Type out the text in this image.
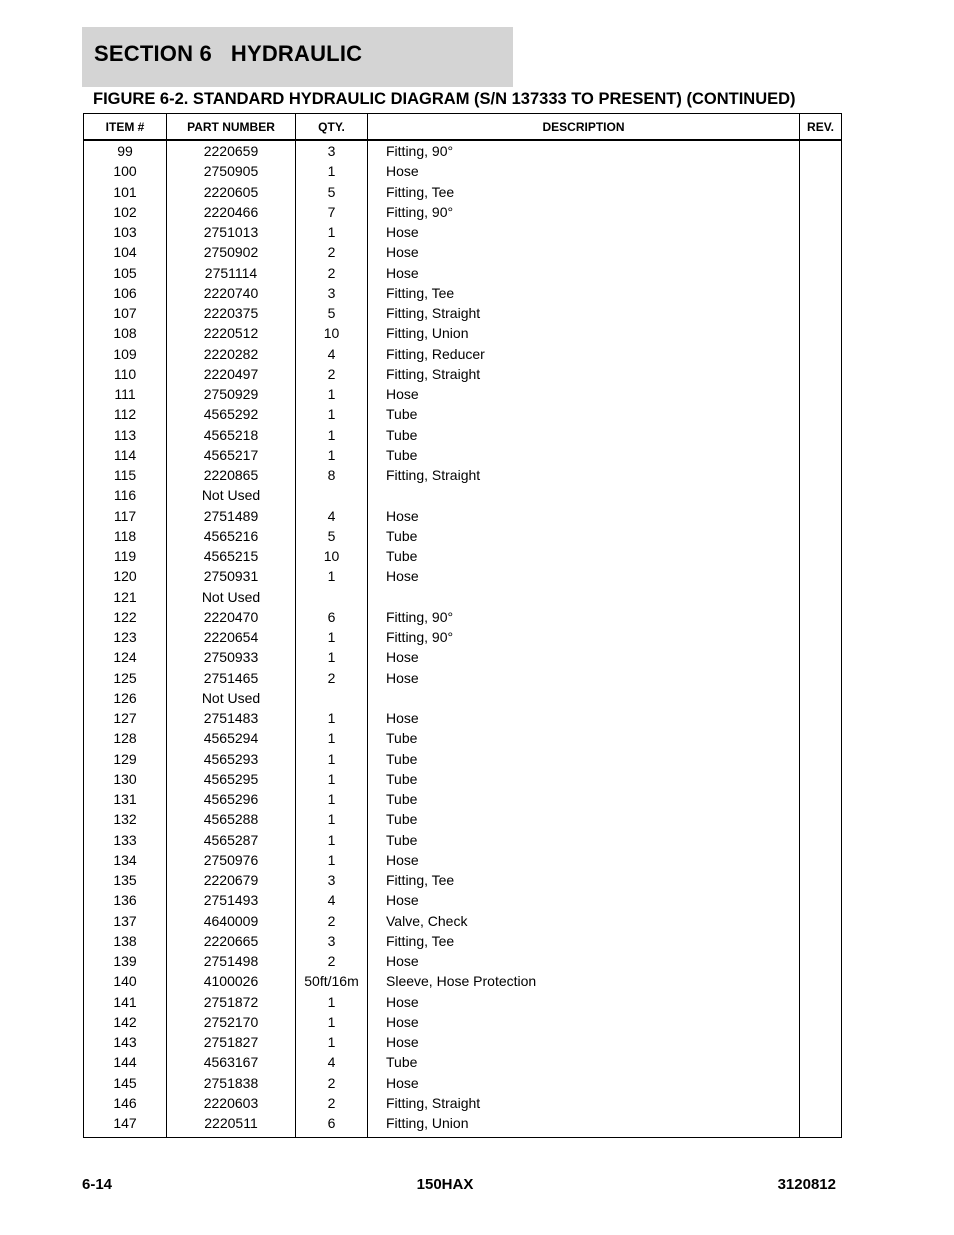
SECTION 6   HYDRAULIC
FIGURE 6-2. STANDARD HYDRAULIC DIAGRAM (S/N 137333 TO PRESENT) (CONTINUED)
ITEM #	PART NUMBER	QTY.	DESCRIPTION	REV.
99	2220659	3	Fitting, 90°	
100	2750905	1	Hose	
101	2220605	5	Fitting, Tee	
102	2220466	7	Fitting, 90°	
103	2751013	1	Hose	
104	2750902	2	Hose	
105	2751114	2	Hose	
106	2220740	3	Fitting, Tee	
107	2220375	5	Fitting, Straight	
108	2220512	10	Fitting, Union	
109	2220282	4	Fitting, Reducer	
110	2220497	2	Fitting, Straight	
111	2750929	1	Hose	
112	4565292	1	Tube	
113	4565218	1	Tube	
114	4565217	1	Tube	
115	2220865	8	Fitting, Straight	
116	Not Used			
117	2751489	4	Hose	
118	4565216	5	Tube	
119	4565215	10	Tube	
120	2750931	1	Hose	
121	Not Used			
122	2220470	6	Fitting, 90°	
123	2220654	1	Fitting, 90°	
124	2750933	1	Hose	
125	2751465	2	Hose	
126	Not Used			
127	2751483	1	Hose	
128	4565294	1	Tube	
129	4565293	1	Tube	
130	4565295	1	Tube	
131	4565296	1	Tube	
132	4565288	1	Tube	
133	4565287	1	Tube	
134	2750976	1	Hose	
135	2220679	3	Fitting, Tee	
136	2751493	4	Hose	
137	4640009	2	Valve, Check	
138	2220665	3	Fitting, Tee	
139	2751498	2	Hose	
140	4100026	50ft/16m	Sleeve, Hose Protection	
141	2751872	1	Hose	
142	2752170	1	Hose	
143	2751827	1	Hose	
144	4563167	4	Tube	
145	2751838	2	Hose	
146	2220603	2	Fitting, Straight	
147	2220511	6	Fitting, Union	
6-14	150HAX	3120812
